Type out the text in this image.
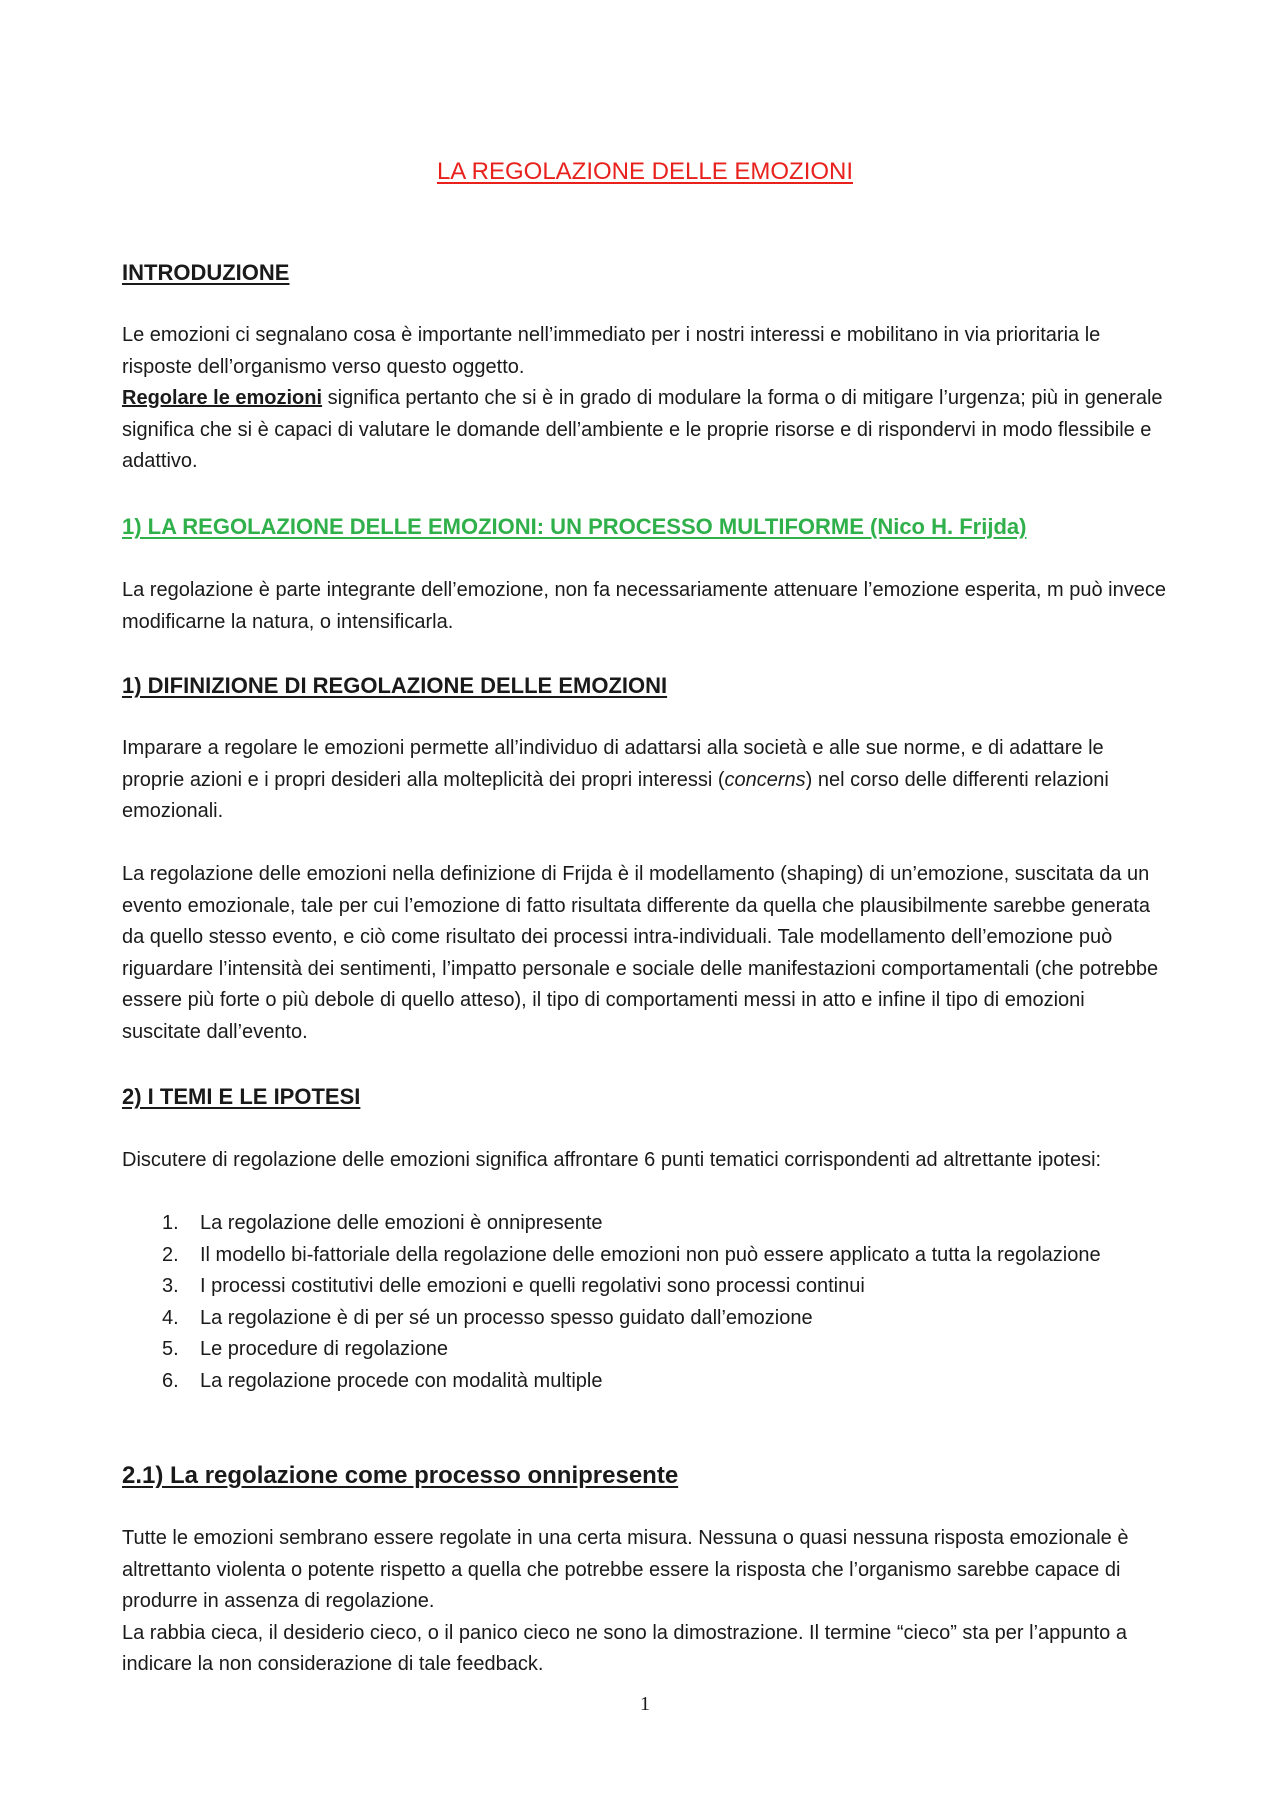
LA REGOLAZIONE DELLE EMOZIONI
INTRODUZIONE

Le emozioni ci segnalano cosa è importante nell’immediato per i nostri interessi e mobilitano in via prioritaria le risposte dell’organismo verso questo oggetto.
Regolare le emozioni significa pertanto che si è in grado di modulare la forma o di mitigare l’urgenza; più in generale significa che si è capaci di valutare le domande dell’ambiente e le proprie risorse e di rispondervi in modo flessibile e adattivo.

1) LA REGOLAZIONE DELLE EMOZIONI: UN PROCESSO MULTIFORME (Nico H. Frijda)

La regolazione è parte integrante dell’emozione, non fa necessariamente attenuare l’emozione esperita, m può invece modificarne la natura, o intensificarla.

1) DIFINIZIONE DI REGOLAZIONE DELLE EMOZIONI

Imparare a regolare le emozioni permette all’individuo di adattarsi alla società e alle sue norme, e di adattare le proprie azioni e i propri desideri alla molteplicità dei propri interessi (concerns) nel corso delle differenti relazioni emozionali.

La regolazione delle emozioni nella definizione di Frijda è il modellamento (shaping) di un’emozione, suscitata da un evento emozionale, tale per cui l’emozione di fatto risultata differente da quella che plausibilmente sarebbe generata da quello stesso evento, e ciò come risultato dei processi intra-individuali. Tale modellamento dell’emozione può riguardare l’intensità dei sentimenti, l’impatto personale e sociale delle manifestazioni comportamentali (che potrebbe essere più forte o più debole di quello atteso), il tipo di comportamenti messi in atto e infine il tipo di emozioni suscitate dall’evento.

2) I TEMI E LE IPOTESI

Discutere di regolazione delle emozioni significa affrontare 6 punti tematici corrispondenti ad altrettante ipotesi:

1. La regolazione delle emozioni è onnipresente
2. Il modello bi-fattoriale della regolazione delle emozioni non può essere applicato a tutta la regolazione
3. I processi costitutivi delle emozioni e quelli regolativi sono processi continui
4. La regolazione è di per sé un processo spesso guidato dall’emozione
5. Le procedure di regolazione
6. La regolazione procede con modalità multiple
2.1) La regolazione come processo onnipresente

Tutte le emozioni sembrano essere regolate in una certa misura. Nessuna o quasi nessuna risposta emozionale è altrettanto violenta o potente rispetto a quella che potrebbe essere la risposta che l’organismo sarebbe capace di produrre in assenza di regolazione.
La rabbia cieca, il desiderio cieco, o il panico cieco ne sono la dimostrazione. Il termine “cieco” sta per l’appunto a indicare la non considerazione di tale feedback.

1
